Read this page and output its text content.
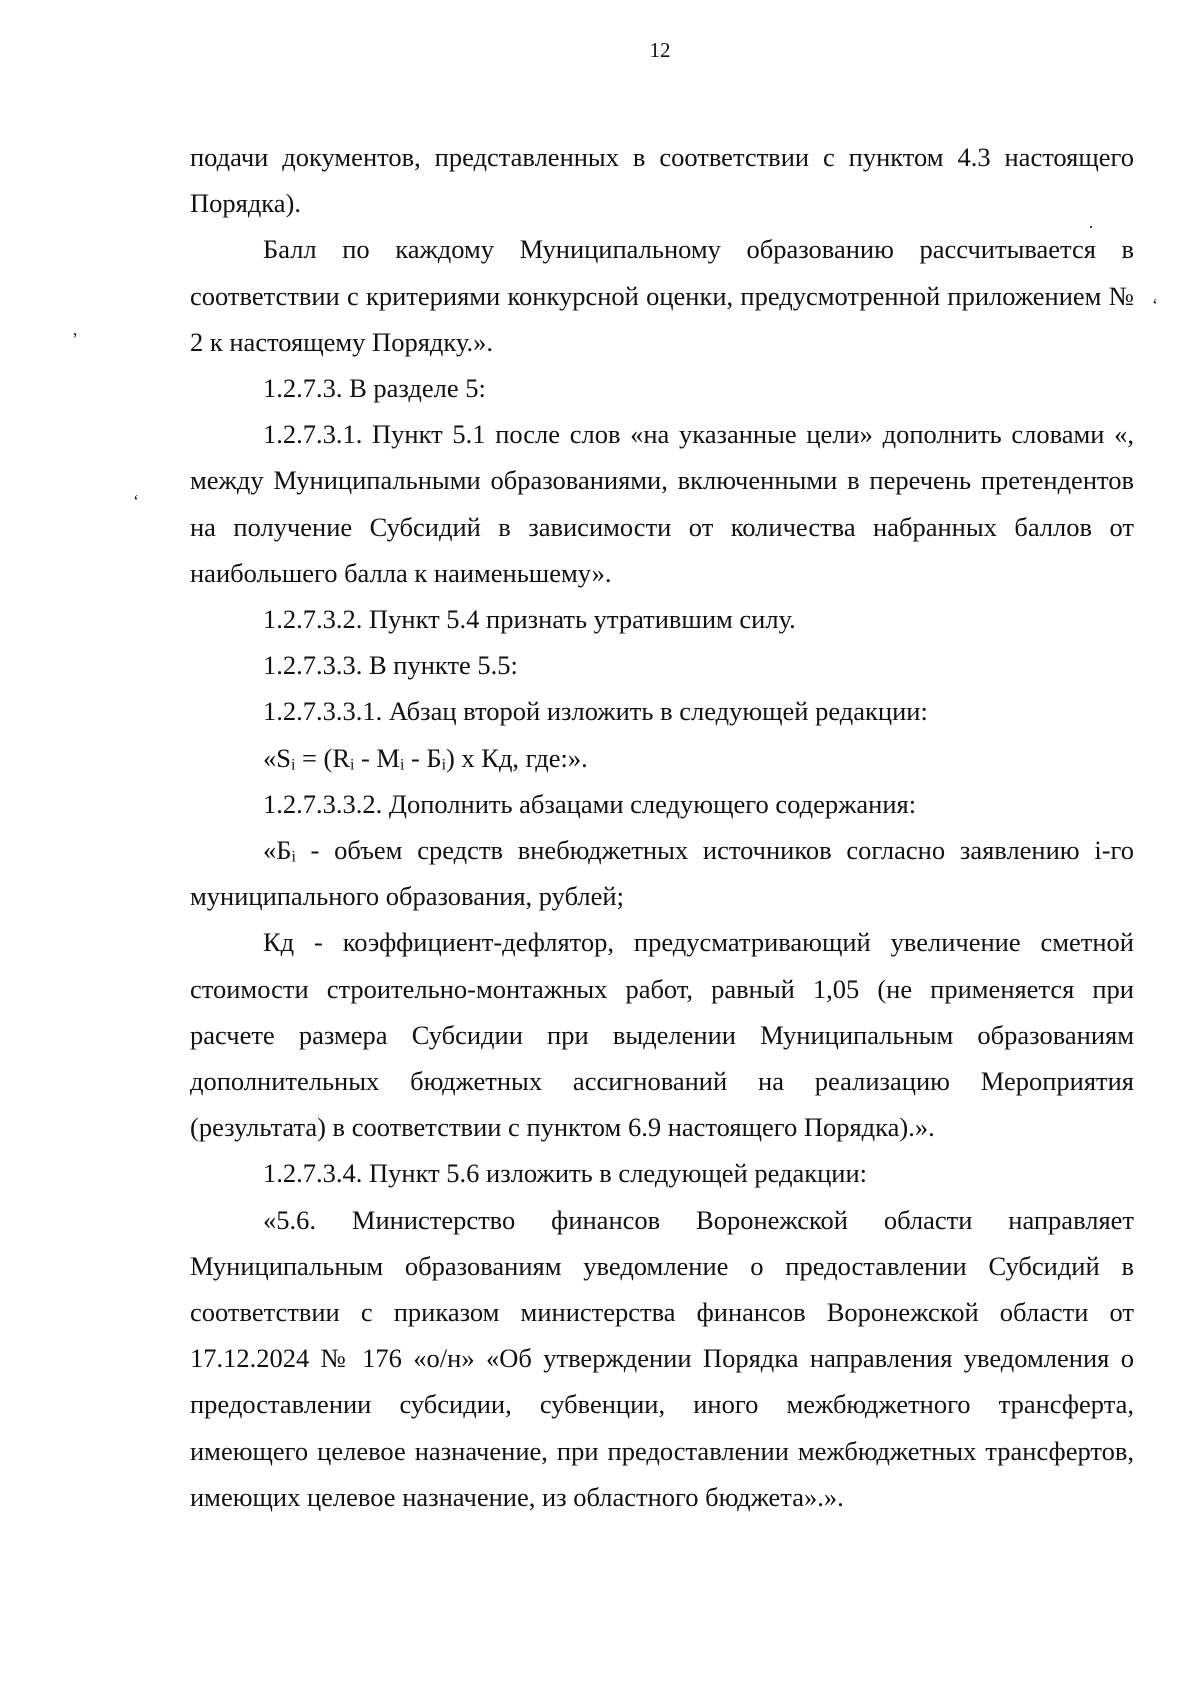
12

подачи документов, представленных в соответствии с пунктом 4.3 настоящего Порядка).

Балл по каждому Муниципальному образованию рассчитывается в соответствии с критериями конкурсной оценки, предусмотренной приложением № 2 к настоящему Порядку.».

1.2.7.3. В разделе 5:

1.2.7.3.1. Пункт 5.1 после слов «на указанные цели» дополнить словами «, между Муниципальными образованиями, включенными в перечень претендентов на получение Субсидий в зависимости от количества набранных баллов от наибольшего балла к наименьшему».

1.2.7.3.2. Пункт 5.4 признать утратившим силу.

1.2.7.3.3. В пункте 5.5:

1.2.7.3.3.1. Абзац второй изложить в следующей редакции:

«Sᵢ = (Rᵢ - Mᵢ - Бᵢ) x Кд, где:».

1.2.7.3.3.2. Дополнить абзацами следующего содержания:

«Бᵢ - объем средств внебюджетных источников согласно заявлению i-го муниципального образования, рублей;

Кд - коэффициент-дефлятор, предусматривающий увеличение сметной стоимости строительно-монтажных работ, равный 1,05 (не применяется при расчете размера Субсидии при выделении Муниципальным образованиям дополнительных бюджетных ассигнований на реализацию Мероприятия (результата) в соответствии с пунктом 6.9 настоящего Порядка).».

1.2.7.3.4. Пункт 5.6 изложить в следующей редакции:

«5.6. Министерство финансов Воронежской области направляет Муниципальным образованиям уведомление о предоставлении Субсидий в соответствии с приказом министерства финансов Воронежской области от 17.12.2024 № 176 «о/н» «Об утверждении Порядка направления уведомления о предоставлении субсидии, субвенции, иного межбюджетного трансферта, имеющего целевое назначение, при предоставлении межбюджетных трансфертов, имеющих целевое назначение, из областного бюджета».».

’
‘
·
‘
